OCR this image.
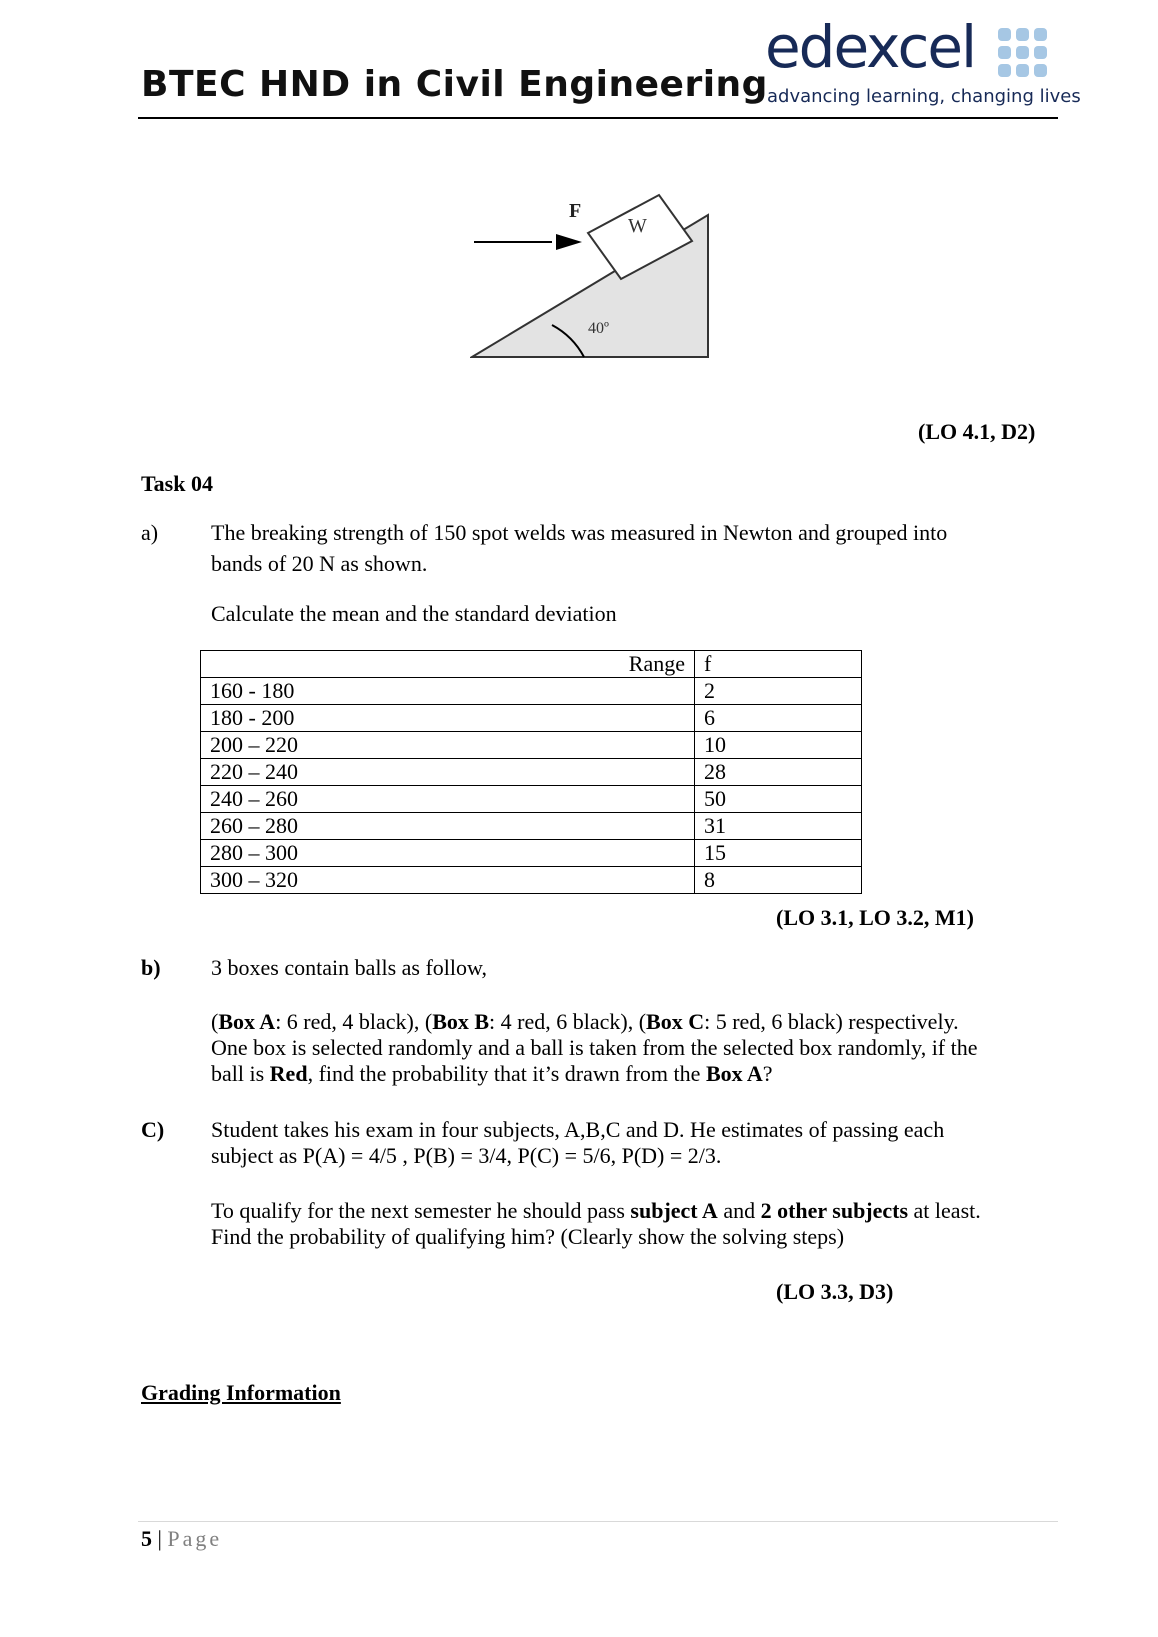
BTEC HND in Civil Engineering
edexcel
advancing learning, changing lives
F
W
40º
(LO 4.1, D2)
Task 04
a) The breaking strength of 150 spot welds was measured in Newton and grouped into
bands of 20 N as shown.
Calculate the mean and the standard deviation
Range	f
160 - 180	2
180 - 200	6
200 – 220	10
220 – 240	28
240 – 260	50
260 – 280	31
280 – 300	15
300 – 320	8
(LO 3.1, LO 3.2, M1)
b) 3 boxes contain balls as follow,
(Box A: 6 red, 4 black), (Box B: 4 red, 6 black), (Box C: 5 red, 6 black) respectively.
One box is selected randomly and a ball is taken from the selected box randomly, if the
ball is Red, find the probability that it’s drawn from the Box A?
C) Student takes his exam in four subjects, A,B,C and D. He estimates of passing each
subject as P(A) = 4/5 , P(B) = 3/4, P(C) = 5/6, P(D) = 2/3.
To qualify for the next semester he should pass subject A and 2 other subjects at least.
Find the probability of qualifying him? (Clearly show the solving steps)
(LO 3.3, D3)
Grading Information
5 | Page
